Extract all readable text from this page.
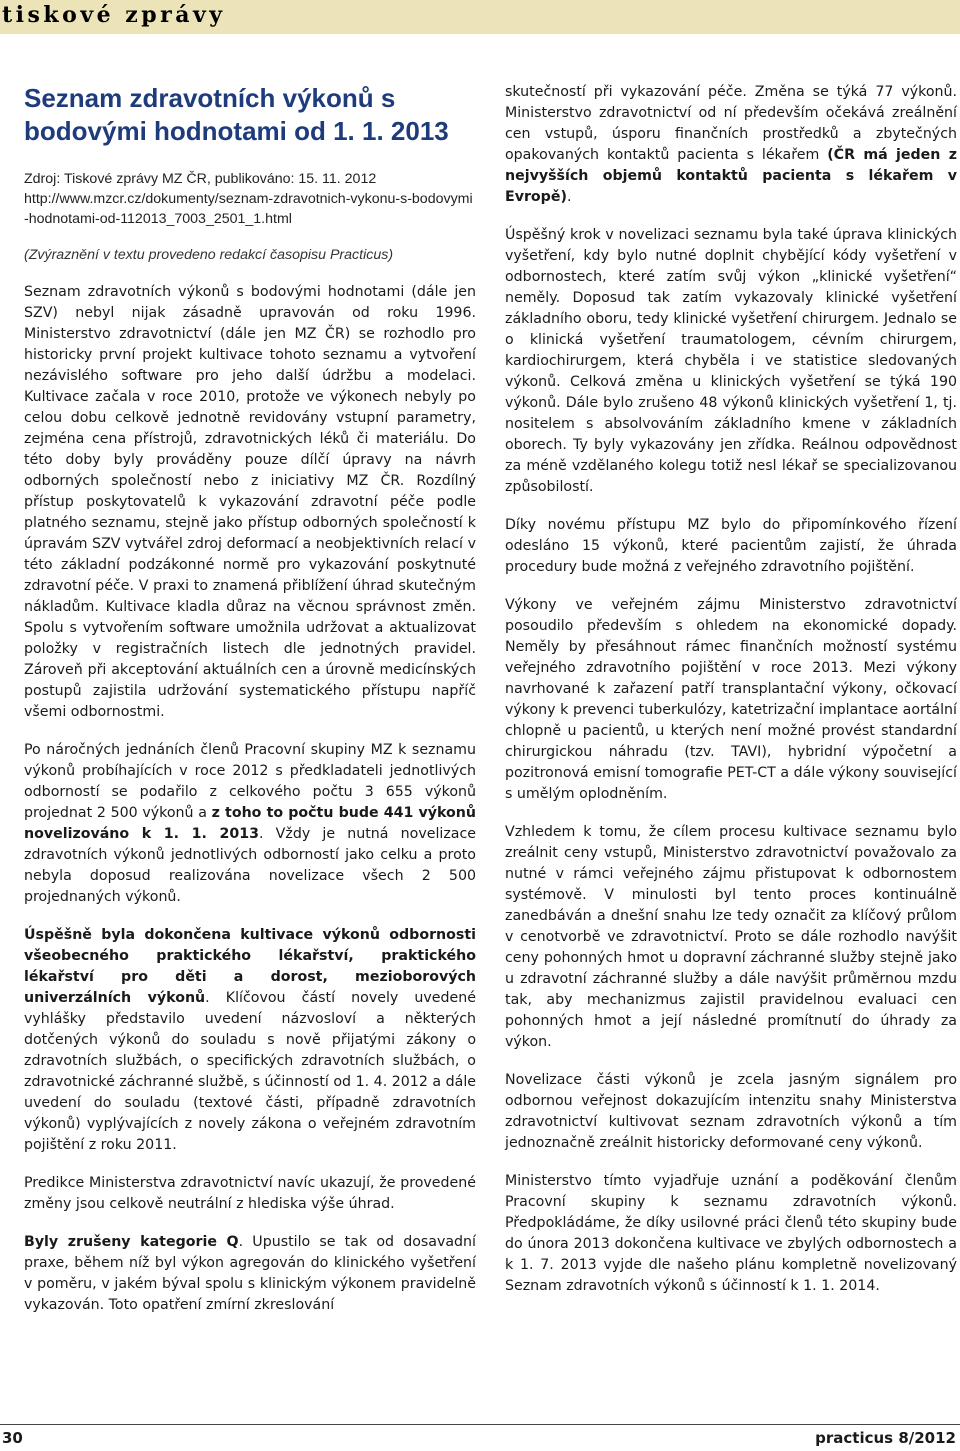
tiskové zprávy
Seznam zdravotních výkonů s bodovými hodnotami od 1. 1. 2013
Zdroj: Tiskové zprávy MZ ČR, publikováno: 15. 11. 2012
http://www.mzcr.cz/dokumenty/seznam-zdravotnich-vykonu-s-bodovymi-hodnotami-od-112013_7003_2501_1.html

(Zvýraznění v textu provedeno redakcí časopisu Practicus)

Seznam zdravotních výkonů s bodovými hodnotami (dále jen SZV) nebyl nijak zásadně upravován od roku 1996. Ministerstvo zdravotnictví (dále jen MZ ČR) se rozhodlo pro historicky první projekt kultivace tohoto seznamu a vytvoření nezávislého software pro jeho další údržbu a modelaci. Kultivace začala v roce 2010, protože ve výkonech nebyly po celou dobu celkově jednotně revidovány vstupní parametry, zejména cena přístrojů, zdravotnických léků či materiálu. Do této doby byly prováděny pouze dílčí úpravy na návrh odborných společností nebo z iniciativy MZ ČR. Rozdílný přístup poskytovatelů k vykazování zdravotní péče podle platného seznamu, stejně jako přístup odborných společností k úpravám SZV vytvářel zdroj deformací a neobjektivních relací v této základní podzákonné normě pro vykazování poskytnuté zdravotní péče. V praxi to znamená přiblížení úhrad skutečným nákladům. Kultivace kladla důraz na věcnou správnost změn. Spolu s vytvořením software umožnila udržovat a aktualizovat položky v registračních listech dle jednotných pravidel. Zároveň při akceptování aktuálních cen a úrovně medicínských postupů zajistila udržování systematického přístupu napříč všemi odbornostmi.

Po náročných jednáních členů Pracovní skupiny MZ k seznamu výkonů probíhajících v roce 2012 s předkladateli jednotlivých odborností se podařilo z celkového počtu 3 655 výkonů projednat 2 500 výkonů a z toho to počtu bude 441 výkonů novelizováno k 1. 1. 2013. Vždy je nutná novelizace zdravotních výkonů jednotlivých odborností jako celku a proto nebyla doposud realizována novelizace všech 2 500 projednaných výkonů.

Úspěšně byla dokončena kultivace výkonů odbornosti všeobecného praktického lékařství, praktického lékařství pro děti a dorost, mezioborových univerzálních výkonů. Klíčovou částí novely uvedené vyhlášky představilo uvedení názvosloví a některých dotčených výkonů do souladu s nově přijatými zákony o zdravotních službách, o specifických zdravotních službách, o zdravotnické záchranné službě, s účinností od 1. 4. 2012 a dále uvedení do souladu (textové části, případně zdravotních výkonů) vyplývajících z novely zákona o veřejném zdravotním pojištění z roku 2011.

Predikce Ministerstva zdravotnictví navíc ukazují, že provedené změny jsou celkově neutrální z hlediska výše úhrad.

Byly zrušeny kategorie Q. Upustilo se tak od dosavadní praxe, během níž byl výkon agregován do klinického vyšetření v poměru, v jakém býval spolu s klinickým výkonem pravidelně vykazován. Toto opatření zmírní zkreslování

skutečností při vykazování péče. Změna se týká 77 výkonů. Ministerstvo zdravotnictví od ní především očekává zreálnění cen vstupů, úsporu finančních prostředků a zbytečných opakovaných kontaktů pacienta s lékařem (ČR má jeden z nejvyšších objemů kontaktů pacienta s lékařem v Evropě).

Úspěšný krok v novelizaci seznamu byla také úprava klinických vyšetření, kdy bylo nutné doplnit chybějící kódy vyšetření v odbornostech, které zatím svůj výkon „klinické vyšetření“ neměly. Doposud tak zatím vykazovaly klinické vyšetření základního oboru, tedy klinické vyšetření chirurgem. Jednalo se o klinická vyšetření traumatologem, cévním chirurgem, kardiochirurgem, která chyběla i ve statistice sledovaných výkonů. Celková změna u klinických vyšetření se týká 190 výkonů. Dále bylo zrušeno 48 výkonů klinických vyšetření 1, tj. nositelem s absolvováním základního kmene v základních oborech. Ty byly vykazovány jen zřídka. Reálnou odpovědnost za méně vzdělaného kolegu totiž nesl lékař se specializovanou způsobilostí.

Díky novému přístupu MZ bylo do připomínkového řízení odesláno 15 výkonů, které pacientům zajistí, že úhrada procedury bude možná z veřejného zdravotního pojištění.

Výkony ve veřejném zájmu Ministerstvo zdravotnictví posoudilo především s ohledem na ekonomické dopady. Neměly by přesáhnout rámec finančních možností systému veřejného zdravotního pojištění v roce 2013. Mezi výkony navrhované k zařazení patří transplantační výkony, očkovací výkony k prevenci tuberkulózy, katetrizační implantace aortální chlopně u pacientů, u kterých není možné provést standardní chirurgickou náhradu (tzv. TAVI), hybridní výpočetní a pozitronová emisní tomografie PET-CT a dále výkony související s umělým oplodněním.

Vzhledem k tomu, že cílem procesu kultivace seznamu bylo zreálnit ceny vstupů, Ministerstvo zdravotnictví považovalo za nutné v rámci veřejného zájmu přistupovat k odbornostem systémově. V minulosti byl tento proces kontinuálně zanedbáván a dnešní snahu lze tedy označit za klíčový průlom v cenotvorbě ve zdravotnictví. Proto se dále rozhodlo navýšit ceny pohonných hmot u dopravní záchranné služby stejně jako u zdravotní záchranné služby a dále navýšit průměrnou mzdu tak, aby mechanizmus zajistil pravidelnou evaluaci cen pohonných hmot a její následné promítnutí do úhrady za výkon.

Novelizace části výkonů je zcela jasným signálem pro odbornou veřejnost dokazujícím intenzitu snahy Ministerstva zdravotnictví kultivovat seznam zdravotních výkonů a tím jednoznačně zreálnit historicky deformované ceny výkonů.

Ministerstvo tímto vyjadřuje uznání a poděkování členům Pracovní skupiny k seznamu zdravotních výkonů. Předpokládáme, že díky usilovné práci členů této skupiny bude do února 2013 dokončena kultivace ve zbylých odbornostech a k 1. 7. 2013 vyjde dle našeho plánu kompletně novelizovaný Seznam zdravotních výkonů s účinností k 1. 1. 2014.

30	practicus 8/2012
